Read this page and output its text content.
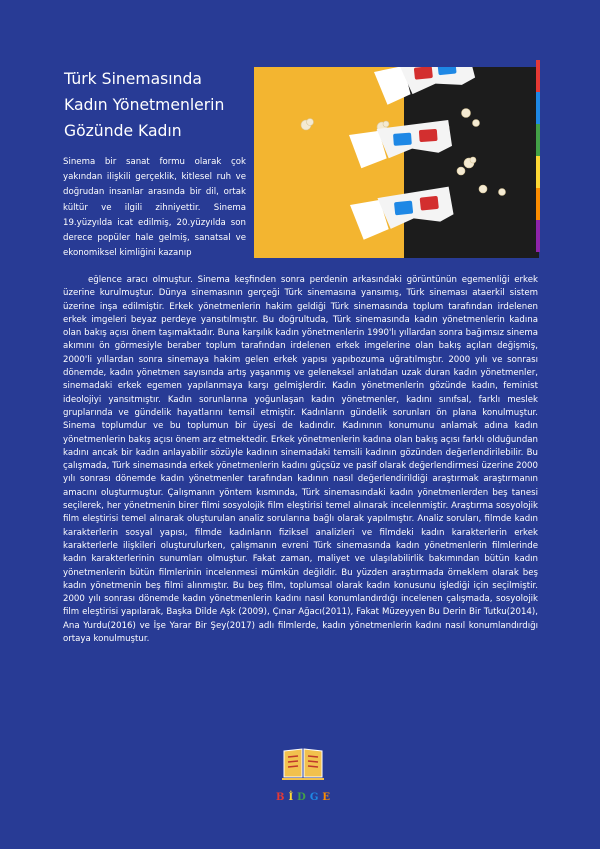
Türk Sinemasında
Kadın Yönetmenlerin
Gözünde Kadın
Sinema bir sanat formu olarak çok yakından ilişkili gerçeklik, kitlesel ruh ve doğrudan insanlar arasında bir dil, ortak kültür ve ilgili zihniyettir. Sinema 19.yüzyılda icat edilmiş, 20.yüzyılda son derece popüler hale gelmiş, sanatsal ve ekonomiksel kimliğini kazanıp
eğlence aracı olmuştur. Sinema keşfinden sonra perdenin arkasındaki görüntünün egemenliği erkek üzerine kurulmuştur. Dünya sinemasının gerçeği Türk sinemasına yansımış, Türk sineması ataerkil sistem üzerine inşa edilmiştir. Erkek yönetmenlerin hakim geldiği Türk sinemasında toplum tarafından irdelenen erkek imgeleri beyaz perdeye yansıtılmıştır. Bu doğrultuda, Türk sinemasında kadın yönetmenlerin kadına olan bakış açısı önem taşımaktadır. Buna karşılık kadın yönetmenlerin 1990'lı yıllardan sonra bağımsız sinema akımını ön görmesiyle beraber toplum tarafından irdelenen erkek imgelerine olan bakış açıları değişmiş, 2000'li yıllardan sonra sinemaya hakim gelen erkek yapısı yapıbozuma uğratılmıştır. 2000 yılı ve sonrası dönemde, kadın yönetmen sayısında artış yaşanmış ve geleneksel anlatıdan uzak duran kadın yönetmenler, sinemadaki erkek egemen yapılanmaya karşı gelmişlerdir. Kadın yönetmenlerin gözünde kadın, feminist ideolojiyi yansıtmıştır. Kadın sorunlarına yoğunlaşan kadın yönetmenler, kadını sınıfsal, farklı meslek gruplarında ve gündelik hayatlarını temsil etmiştir. Kadınların gündelik sorunları ön plana konulmuştur. Sinema toplumdur ve bu toplumun bir üyesi de kadındır. Kadınının konumunu anlamak adına kadın yönetmenlerin bakış açısı önem arz etmektedir. Erkek yönetmenlerin kadına olan bakış açısı farklı olduğundan kadını ancak bir kadın anlayabilir sözüyle kadının sinemadaki temsili kadının gözünden değerlendirilebilir. Bu çalışmada, Türk sinemasında erkek yönetmenlerin kadını güçsüz ve pasif olarak değerlendirmesi üzerine 2000 yılı sonrası dönemde kadın yönetmenler tarafından kadının nasıl değerlendirildiği araştırmak araştırmanın amacını oluşturmuştur. Çalışmanın yöntem kısmında, Türk sinemasındaki kadın yönetmenlerden beş tanesi seçilerek, her yönetmenin birer filmi sosyolojik film eleştirisi temel alınarak incelenmiştir. Araştırma sosyolojik film eleştirisi temel alınarak oluşturulan analiz sorularına bağlı olarak yapılmıştır. Analiz soruları, filmde kadın karakterlerin sosyal yapısı, filmde kadınların fiziksel analizleri ve filmdeki kadın karakterlerin erkek karakterlerle ilişkileri oluşturulurken, çalışmanın evreni Türk sinemasında kadın yönetmenlerin filmlerinde kadın karakterlerinin sunumları olmuştur. Fakat zaman, maliyet ve ulaşılabilirlik bakımından bütün kadın yönetmenlerin bütün filmlerinin incelenmesi mümkün değildir. Bu yüzden araştırmada örneklem olarak beş kadın yönetmenin beş filmi alınmıştır. Bu beş film, toplumsal olarak kadın konusunu işlediği için seçilmiştir. 2000 yılı sonrası dönemde kadın yönetmenlerin kadını nasıl konumlandırdığı incelenen çalışmada, sosyolojik film eleştirisi yapılarak, Başka Dilde Aşk (2009), Çınar Ağacı(2011), Fakat Müzeyyen Bu Derin Bir Tutku(2014), Ana Yurdu(2016) ve İşe Yarar Bir Şey(2017) adlı filmlerde, kadın yönetmenlerin kadını nasıl konumlandırdığı ortaya konulmuştur.
B İ D G E
